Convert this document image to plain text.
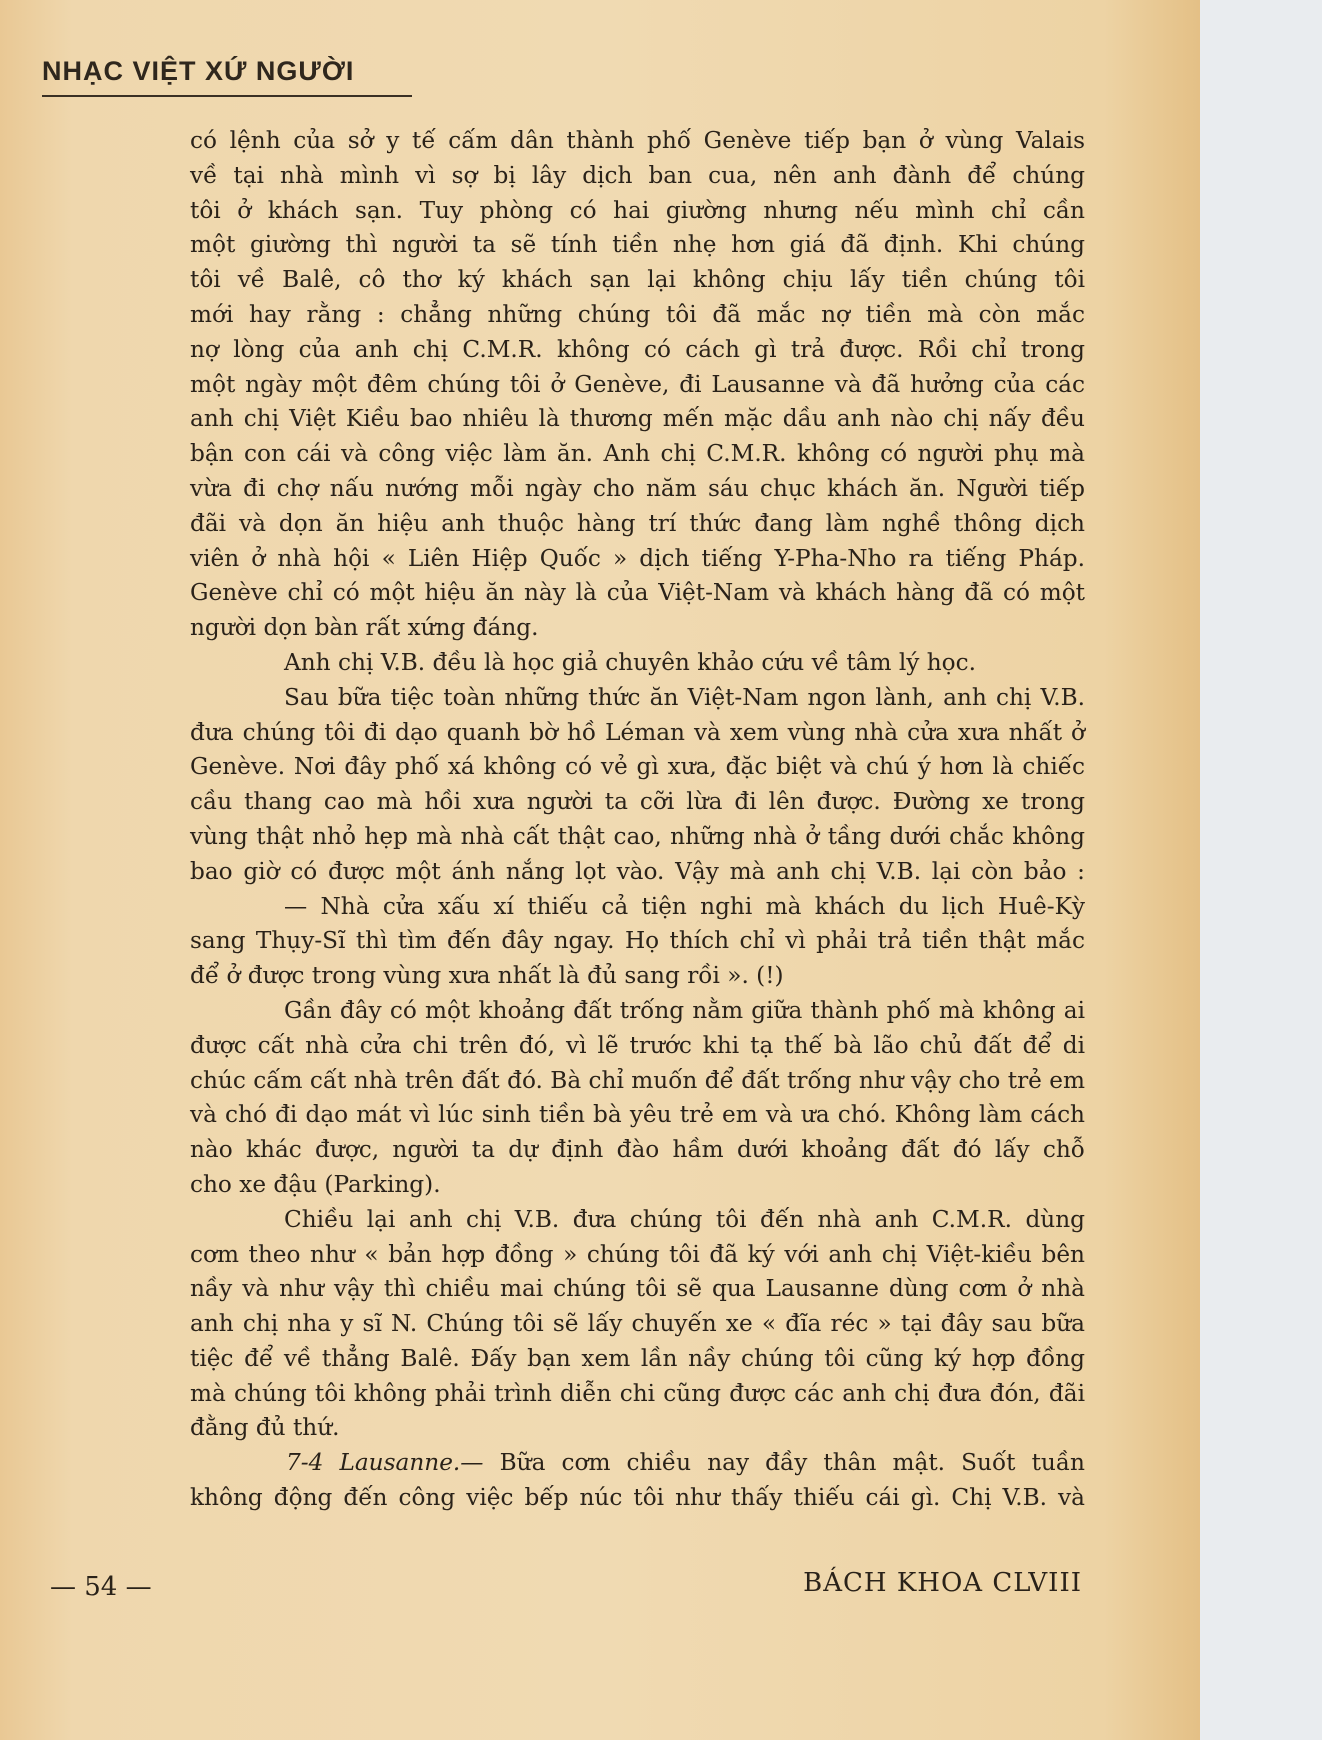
NHẠC VIỆT XỨ NGƯỜI
có lệnh của sở y tế cấm dân thành phố Genève tiếp bạn ở vùng Valais
về tại nhà mình vì sợ bị lây dịch ban cua, nên anh đành để chúng
tôi ở khách sạn. Tuy phòng có hai giường nhưng nếu mình chỉ cần
một giường thì người ta sẽ tính tiền nhẹ hơn giá đã định. Khi chúng
tôi về Balê, cô thơ ký khách sạn lại không chịu lấy tiền chúng tôi
mới hay rằng : chẳng những chúng tôi đã mắc nợ tiền mà còn mắc
nợ lòng của anh chị C.M.R. không có cách gì trả được. Rồi chỉ trong
một ngày một đêm chúng tôi ở Genève, đi Lausanne và đã hưởng của các
anh chị Việt Kiều bao nhiêu là thương mến mặc dầu anh nào chị nấy đều
bận con cái và công việc làm ăn. Anh chị C.M.R. không có người phụ mà
vừa đi chợ nấu nướng mỗi ngày cho năm sáu chục khách ăn. Người tiếp
đãi và dọn ăn hiệu anh thuộc hàng trí thức đang làm nghề thông dịch
viên ở nhà hội « Liên Hiệp Quốc » dịch tiếng Y-Pha-Nho ra tiếng Pháp.
Genève chỉ có một hiệu ăn này là của Việt-Nam và khách hàng đã có một
người dọn bàn rất xứng đáng.
Anh chị V.B. đều là học giả chuyên khảo cứu về tâm lý học.
Sau bữa tiệc toàn những thức ăn Việt-Nam ngon lành, anh chị V.B.
đưa chúng tôi đi dạo quanh bờ hồ Léman và xem vùng nhà cửa xưa nhất ở
Genève. Nơi đây phố xá không có vẻ gì xưa, đặc biệt và chú ý hơn là chiếc
cầu thang cao mà hồi xưa người ta cỡi lừa đi lên được. Đường xe trong
vùng thật nhỏ hẹp mà nhà cất thật cao, những nhà ở tầng dưới chắc không
bao giờ có được một ánh nắng lọt vào. Vậy mà anh chị V.B. lại còn bảo :
— Nhà cửa xấu xí thiếu cả tiện nghi mà khách du lịch Huê-Kỳ
sang Thụy-Sĩ thì tìm đến đây ngay. Họ thích chỉ vì phải trả tiền thật mắc
để ở được trong vùng xưa nhất là đủ sang rồi ». (!)
Gần đây có một khoảng đất trống nằm giữa thành phố mà không ai
được cất nhà cửa chi trên đó, vì lẽ trước khi tạ thế bà lão chủ đất để di
chúc cấm cất nhà trên đất đó. Bà chỉ muốn để đất trống như vậy cho trẻ em
và chó đi dạo mát vì lúc sinh tiền bà yêu trẻ em và ưa chó. Không làm cách
nào khác được, người ta dự định đào hầm dưới khoảng đất đó lấy chỗ
cho xe đậu (Parking).
Chiều lại anh chị V.B. đưa chúng tôi đến nhà anh C.M.R. dùng
cơm theo như « bản hợp đồng » chúng tôi đã ký với anh chị Việt-kiều bên
nầy và như vậy thì chiều mai chúng tôi sẽ qua Lausanne dùng cơm ở nhà
anh chị nha y sĩ N. Chúng tôi sẽ lấy chuyến xe « đĩa réc » tại đây sau bữa
tiệc để về thẳng Balê. Đấy bạn xem lần nầy chúng tôi cũng ký hợp đồng
mà chúng tôi không phải trình diễn chi cũng được các anh chị đưa đón, đãi
đằng đủ thứ.
7-4 Lausanne.— Bữa cơm chiều nay đầy thân mật. Suốt tuần
không động đến công việc bếp núc tôi như thấy thiếu cái gì. Chị V.B. và
— 54 —	BÁCH KHOA CLVIII
